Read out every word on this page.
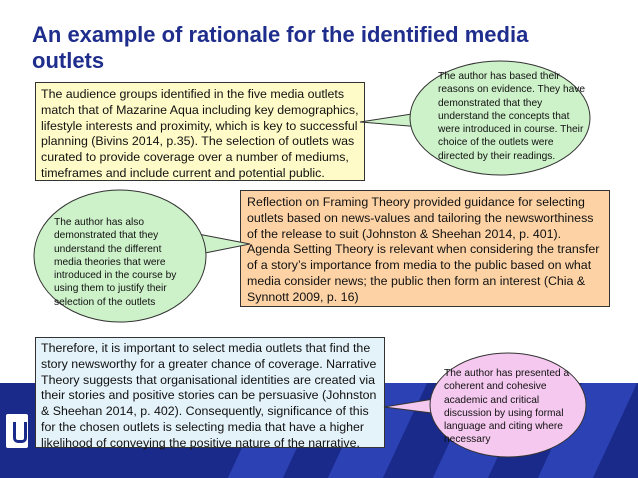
An example of rationale for the identified media
outlets
The audience groups identified in the five media outlets match that of Mazarine Aqua including key demographics, lifestyle interests and proximity, which is key to successful planning (Bivins 2014, p.35). The selection of outlets was curated to provide coverage over a number of mediums, timeframes and include current and potential public.
Reflection on Framing Theory provided guidance for selecting outlets based on news-values and tailoring the newsworthiness of the release to suit (Johnston & Sheehan 2014, p. 401). Agenda Setting Theory is relevant when considering the transfer of a story’s importance from media to the public based on what media consider news; the public then form an interest (Chia & Synnott 2009, p. 16)
Therefore, it is important to select media outlets that find the story newsworthy for a greater chance of coverage. Narrative Theory suggests that organisational identities are created via their stories and positive stories can be persuasive (Johnston & Sheehan 2014, p. 402). Consequently, significance of this for the chosen outlets is selecting media that have a higher likelihood of conveying the positive nature of the narrative.
The author has based their reasons on evidence. They have demonstrated that they understand the concepts that were introduced in course. Their choice of the outlets were directed by their readings.
The author has also demonstrated that they understand the different media theories that were introduced in the course by using them to justify their selection of the outlets
The author has presented a coherent and cohesive academic and critical discussion by using formal language and citing where necessary
